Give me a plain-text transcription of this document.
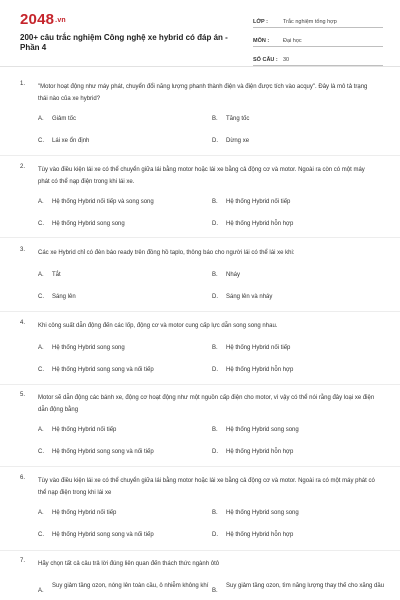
2048.vn
200+ câu trắc nghiệm Công nghệ xe hybrid có đáp án - Phần 4
LỚP :	Trắc nghiệm tổng hợp
MÔN :	Đại học
SỐ CÂU : 30
1. "Motor hoạt động như máy phát, chuyển đổi năng lượng phanh thành điện và điện được tích vào acquy". Đây là mô tả trạng thái nào của xe hybrid?
A. Giảm tốc	B. Tăng tốc
C. Lái xe ổn định	D. Dừng xe
2. Tùy vào điều kiện lái xe có thể chuyển giữa lái bằng motor hoặc lái xe bằng cả động cơ và motor. Ngoài ra còn có một máy phát có thể nạp điện trong khi lái xe.
A. Hệ thống Hybrid nối tiếp và song song	B. Hệ thống Hybrid nối tiếp
C. Hệ thống Hybrid song song	D. Hệ thống Hybrid hỗn hợp
3. Các xe Hybrid chỉ có đèn báo ready trên đồng hồ taplo, thông báo cho người lái có thể lái xe khi:
A. Tắt	B. Nháy
C. Sáng lên	D. Sáng lên và nháy
4. Khi công suất dẫn động đến các lốp, động cơ và motor cung cấp lực dẫn song song nhau.
A. Hệ thống Hybrid song song	B. Hệ thống Hybrid nối tiếp
C. Hệ thống Hybrid song song và nối tiếp	D. Hệ thống Hybrid hỗn hợp
5. Motor sẽ dẫn động các bánh xe, động cơ hoạt động như một nguồn cấp điện cho motor, vì vậy có thể nói rằng đây loại xe điện dẫn động bằng
A. Hệ thống Hybrid nối tiếp	B. Hệ thống Hybrid song song
C. Hệ thống Hybrid song song và nối tiếp	D. Hệ thống Hybrid hỗn hợp
6. Tùy vào điều kiện lái xe có thể chuyển giữa lái bằng motor hoặc lái xe bằng cả động cơ và motor. Ngoài ra có một máy phát có thể nạp điện trong khi lái xe
A. Hệ thống Hybrid nối tiếp	B. Hệ thống Hybrid song song
C. Hệ thống Hybrid song song và nối tiếp	D. Hệ thống Hybrid hỗn hợp
7. Hãy chọn tất cả câu trả lời đúng liên quan đến thách thức ngành ôtô
A.
Suy giảm tầng ozon, nóng lên toàn cầu, ô nhiễm không khí
B.
Suy giảm tầng ozon, tìm năng lượng thay thế cho xăng dầu
